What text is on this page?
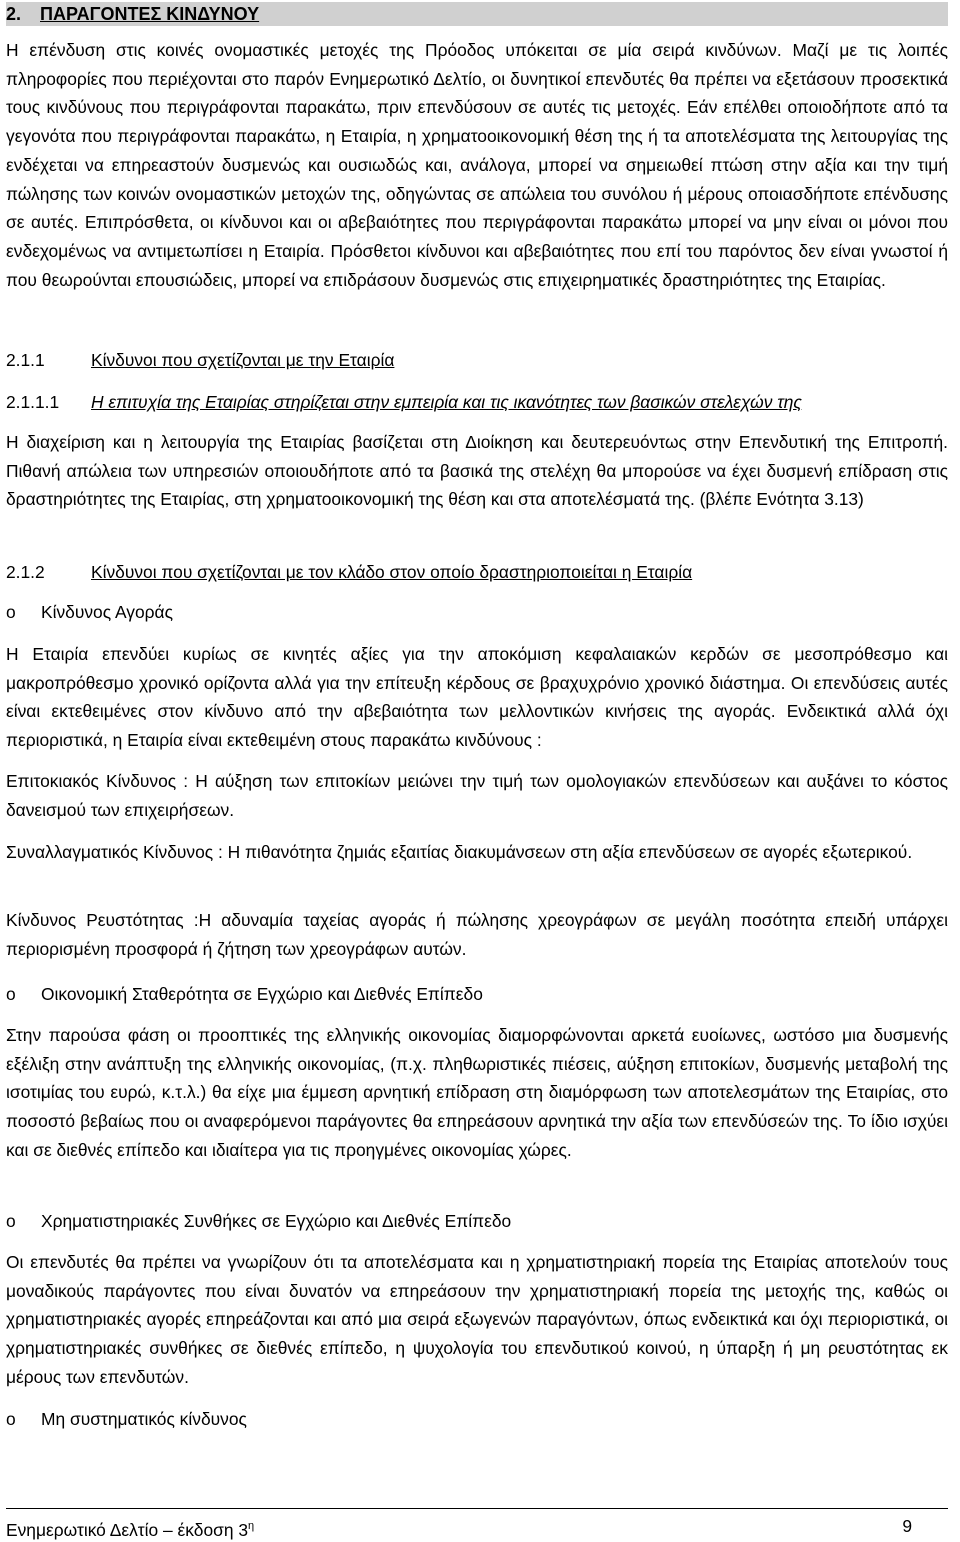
2. ΠΑΡΑΓΟΝΤΕΣ ΚΙΝΔΥΝΟΥ

Η επένδυση στις κοινές ονομαστικές μετοχές της Πρόοδος υπόκειται σε μία σειρά κινδύνων. Μαζί με τις λοιπές πληροφορίες που περιέχονται στο παρόν Ενημερωτικό Δελτίο, οι δυνητικοί επενδυτές θα πρέπει να εξετάσουν προσεκτικά τους κινδύνους που περιγράφονται παρακάτω, πριν επενδύσουν σε αυτές τις μετοχές. Εάν επέλθει οποιοδήποτε από τα γεγονότα που περιγράφονται παρακάτω, η Εταιρία, η χρηματοοικονομική θέση της ή τα αποτελέσματα της λειτουργίας της ενδέχεται να επηρεαστούν δυσμενώς και ουσιωδώς και, ανάλογα, μπορεί να σημειωθεί πτώση στην αξία και την τιμή πώλησης των κοινών ονομαστικών μετοχών της, οδηγώντας σε απώλεια του συνόλου ή μέρους οποιασδήποτε επένδυσης σε αυτές. Επιπρόσθετα, οι κίνδυνοι και οι αβεβαιότητες που περιγράφονται παρακάτω μπορεί να μην είναι οι μόνοι που ενδεχομένως να αντιμετωπίσει η Εταιρία. Πρόσθετοι κίνδυνοι και αβεβαιότητες που επί του παρόντος δεν είναι γνωστοί ή που θεωρούνται επουσιώδεις, μπορεί να επιδράσουν δυσμενώς στις επιχειρηματικές δραστηριότητες της Εταιρίας.

2.1.1	Κίνδυνοι που σχετίζονται με την Εταιρία
2.1.1.1 Η επιτυχία της Εταιρίας στηρίζεται στην εμπειρία και τις ικανότητες των βασικών στελεχών της

Η διαχείριση και η λειτουργία της Εταιρίας βασίζεται στη Διοίκηση και δευτερευόντως στην Επενδυτική της Επιτροπή. Πιθανή απώλεια των υπηρεσιών οποιουδήποτε από τα βασικά της στελέχη θα μπορούσε να έχει δυσμενή επίδραση στις δραστηριότητες της Εταιρίας, στη χρηματοοικονομική της θέση και στα αποτελέσματά της. (βλέπε Ενότητα 3.13)

2.1.2	Κίνδυνοι που σχετίζονται με τον κλάδο στον οποίο δραστηριοποιείται η Εταιρία
o Κίνδυνος Αγοράς

Η Εταιρία επενδύει κυρίως σε κινητές αξίες για την αποκόμιση κεφαλαιακών κερδών σε μεσοπρόθεσμο και μακροπρόθεσμο χρονικό ορίζοντα αλλά για την επίτευξη κέρδους σε βραχυχρόνιο χρονικό διάστημα. Οι επενδύσεις αυτές είναι εκτεθειμένες στον κίνδυνο από την αβεβαιότητα των μελλοντικών κινήσεις της αγοράς. Ενδεικτικά αλλά όχι περιοριστικά, η Εταιρία είναι εκτεθειμένη στους παρακάτω κινδύνους :

Επιτοκιακός Κίνδυνος : Η αύξηση των επιτοκίων μειώνει την τιμή των ομολογιακών επενδύσεων και αυξάνει το κόστος δανεισμού των επιχειρήσεων.

Συναλλαγματικός Κίνδυνος : Η πιθανότητα ζημιάς εξαιτίας διακυμάνσεων στη αξία επενδύσεων σε αγορές εξωτερικού.

Κίνδυνος Ρευστότητας :Η αδυναμία ταχείας αγοράς ή πώλησης χρεογράφων σε μεγάλη ποσότητα επειδή υπάρχει περιορισμένη προσφορά ή ζήτηση των χρεογράφων αυτών.

o Οικονομική Σταθερότητα σε Εγχώριο και Διεθνές Επίπεδο

Στην παρούσα φάση οι προοπτικές της ελληνικής οικονομίας διαμορφώνονται αρκετά ευοίωνες, ωστόσο μια δυσμενής εξέλιξη στην ανάπτυξη της ελληνικής οικονομίας, (π.χ. πληθωριστικές πιέσεις, αύξηση επιτοκίων, δυσμενής μεταβολή της ισοτιμίας του ευρώ, κ.τ.λ.) θα είχε μια έμμεση αρνητική επίδραση στη διαμόρφωση των αποτελεσμάτων της Εταιρίας, στο ποσοστό βεβαίως που οι αναφερόμενοι παράγοντες θα επηρεάσουν αρνητικά την αξία των επενδύσεών της. Το ίδιο ισχύει και σε διεθνές επίπεδο και ιδιαίτερα για τις προηγμένες οικονομίας χώρες.

o Χρηματιστηριακές Συνθήκες σε Εγχώριο και Διεθνές Επίπεδο

Οι επενδυτές θα πρέπει να γνωρίζουν ότι τα αποτελέσματα και η χρηματιστηριακή πορεία της Εταιρίας αποτελούν τους μοναδικούς παράγοντες που είναι δυνατόν να επηρεάσουν την χρηματιστηριακή πορεία της μετοχής της, καθώς οι χρηματιστηριακές αγορές επηρεάζονται και από μια σειρά εξωγενών παραγόντων, όπως ενδεικτικά και όχι περιοριστικά, οι χρηματιστηριακές συνθήκες σε διεθνές επίπεδο, η ψυχολογία του επενδυτικού κοινού, η ύπαρξη ή μη ρευστότητας εκ μέρους των επενδυτών.

o Μη συστηματικός κίνδυνος
Ενημερωτικό Δελτίο – έκδοση $3^\eta$	9
